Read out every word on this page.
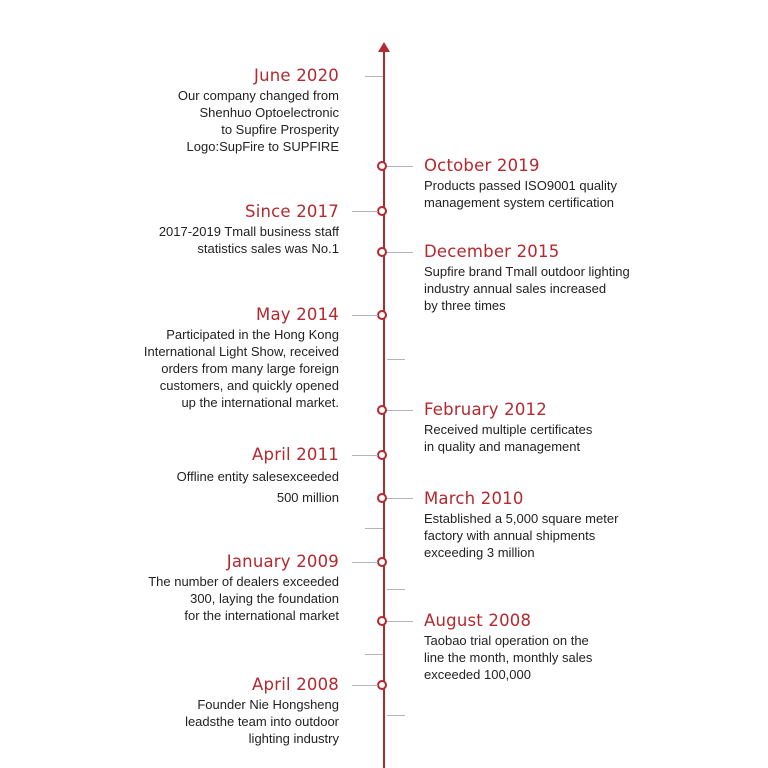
June 2020
Our company changed from
Shenhuo Optoelectronic
to Supfire Prosperity
Logo:SupFire to SUPFIRE
October 2019
Products passed ISO9001 quality
management system certification
Since 2017
2017-2019 Tmall business staff
statistics sales was No.1	December 2015
Supfire brand Tmall outdoor lighting
industry annual sales increased
by three times
May 2014
Participated in the Hong Kong
International Light Show, received
orders from many large foreign
customers, and quickly opened
up the international market.	February 2012
Received multiple certificates
in quality and management
April 2011
Offline entity salesexceeded
500 million	March 2010
Established a 5,000 square meter
factory with annual shipments
exceeding 3 million
January 2009
The number of dealers exceeded
300, laying the foundation
for the international market	August 2008
Taobao trial operation on the
line the month, monthly sales
exceeded 100,000
April 2008
Founder Nie Hongsheng
leadsthe team into outdoor
lighting industry
